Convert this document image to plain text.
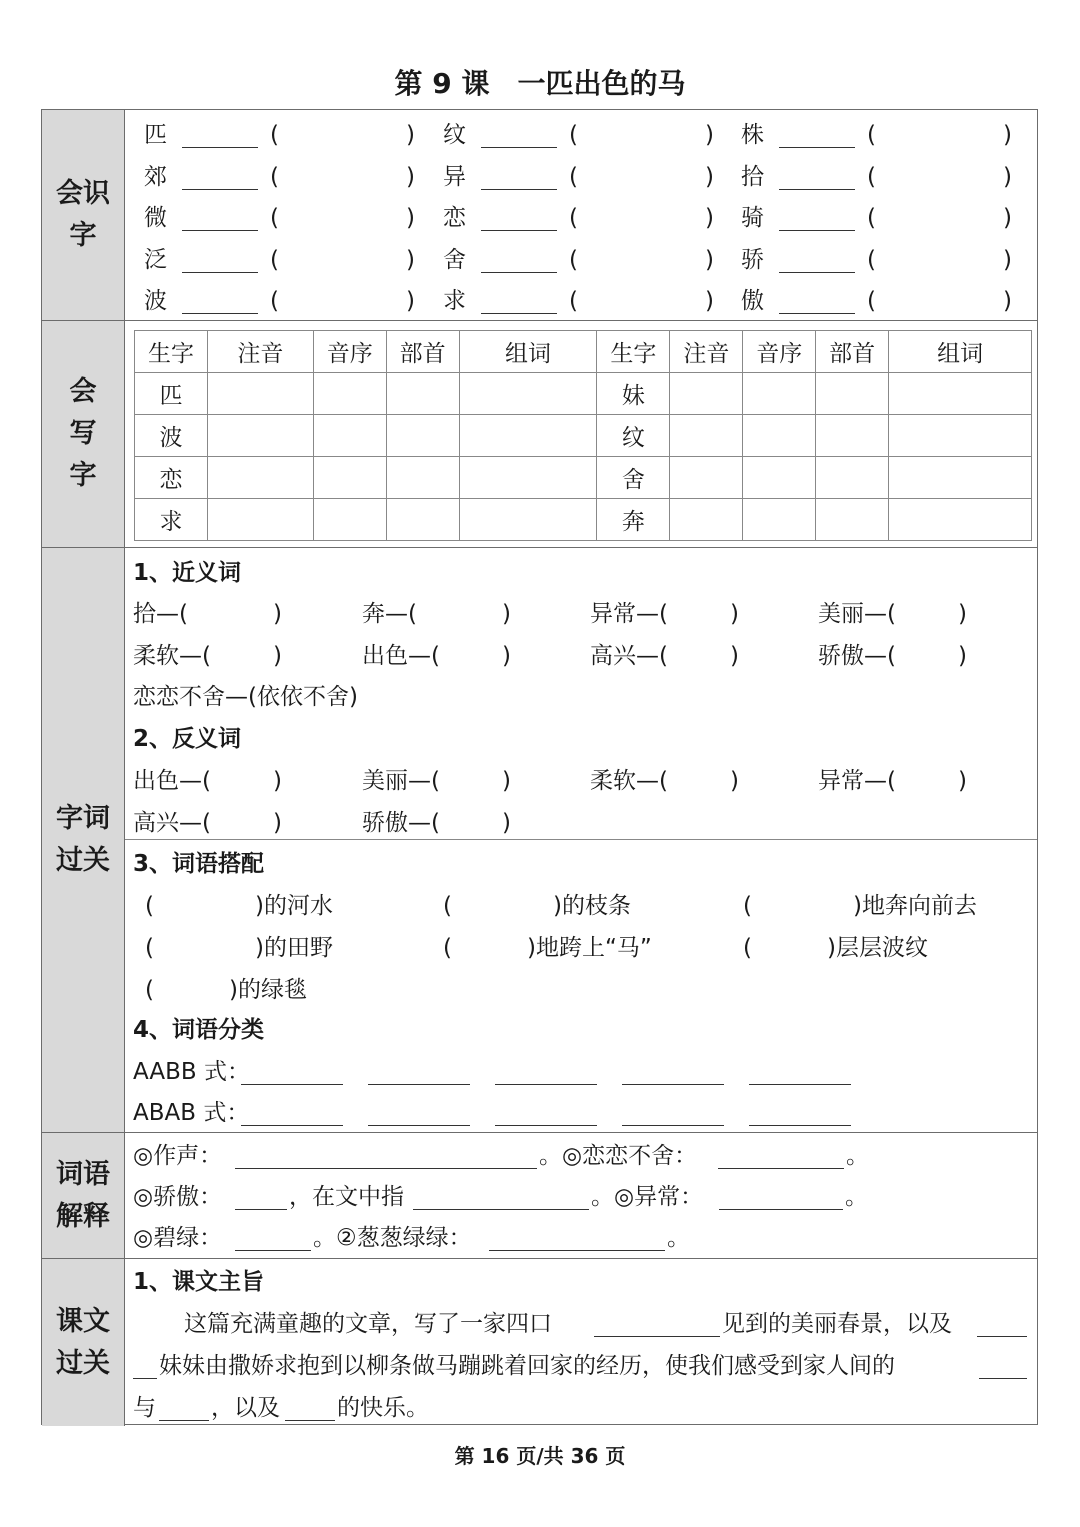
第 9 课　一匹出色的马
会识字
匹	(	) 纹	(	) 株	(	)
郊	(	) 异	(	) 拾	(	)
微	(	) 恋	(	) 骑	(	)
泛	(	) 舍	(	) 骄	(	)
波	(	) 求	(	) 傲	(	)
会写字
生字	注音	音序	部首	组词	生字	注音	音序	部首	组词
匹					妹				
波					纹				
恋					舍				
求					奔				
字词过关
1、近义词
拾—(	)	奔—(	)	异常—(	)	美丽—(	)
柔软—(	)	出色—(	)	高兴—(	)	骄傲—(	)
恋恋不舍—(依依不舍)
2、反义词
出色—(	)	美丽—(	)	柔软—(	)	异常—(	)
高兴—(	)	骄傲—(	)
3、词语搭配
(	)的河水	(	)的枝条	(	)地奔向前去
(	)的田野	(	)地跨上“马”	(	)层层波纹
(	)的绿毯
4、词语分类
AABB 式：
ABAB 式：
词语解释
◎作声：	。◎恋恋不舍：	。
◎骄傲：	，在文中指	。◎异常：	。
◎碧绿：	。②葱葱绿绿：	。
课文过关
1、课文主旨
这篇充满童趣的文章，写了一家四口	见到的美丽春景，以及
妹妹由撒娇求抱到以柳条做马蹦跳着回家的经历，使我们感受到家人间的
与 ，以及 的快乐。
第 16 页/共 36 页
